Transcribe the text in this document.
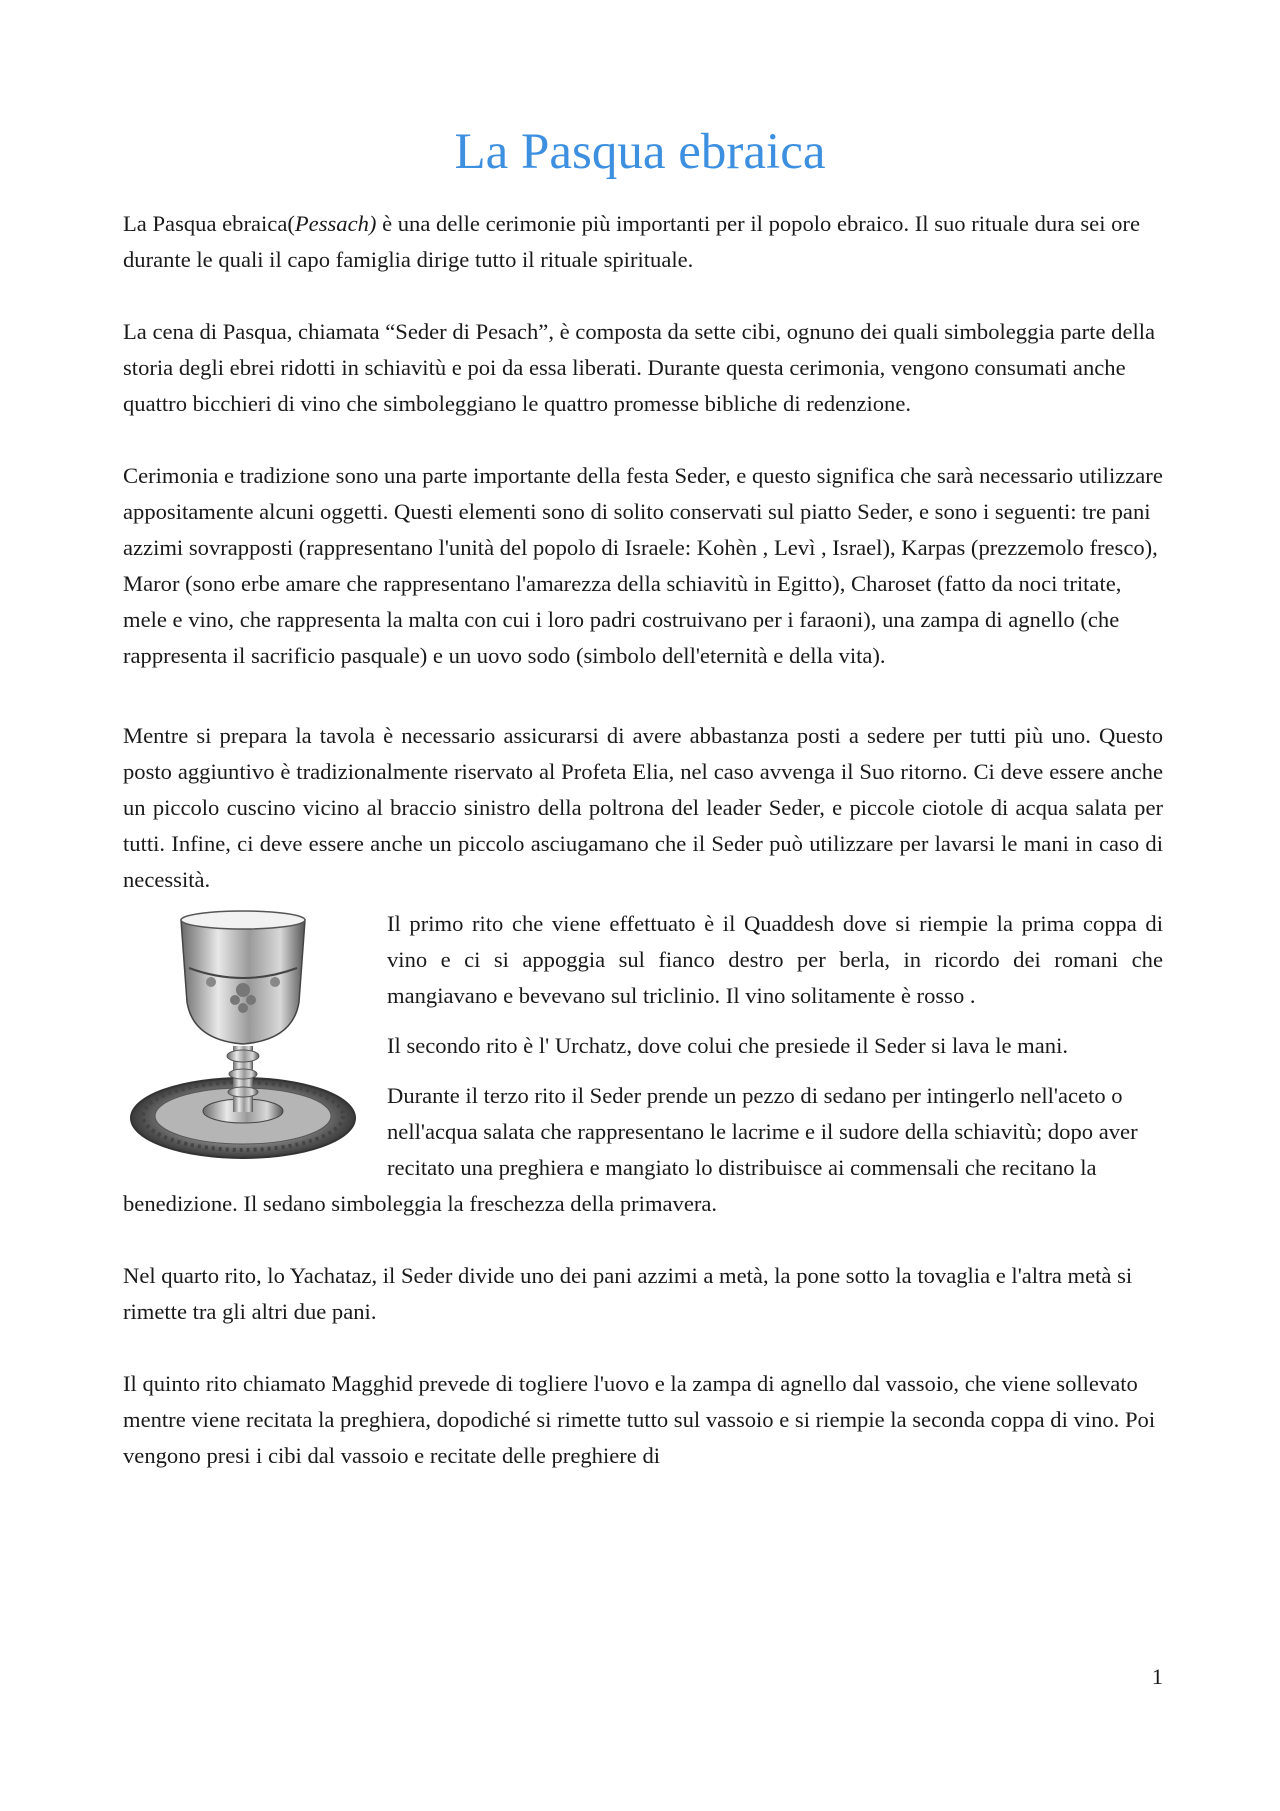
La Pasqua ebraica

La Pasqua ebraica(Pessach) è una delle cerimonie più importanti per il popolo ebraico. Il suo rituale dura sei ore durante le quali il capo famiglia dirige tutto il rituale spirituale.

La cena di Pasqua, chiamata “Seder di Pesach”, è composta da sette cibi, ognuno dei quali simboleggia parte della storia degli ebrei ridotti in schiavitù e poi da essa liberati. Durante questa cerimonia, vengono consumati anche quattro bicchieri di vino che simboleggiano le quattro promesse bibliche di redenzione.

Cerimonia e tradizione sono una parte importante della festa Seder, e questo significa che sarà necessario utilizzare appositamente alcuni oggetti. Questi elementi sono di solito conservati sul piatto Seder, e sono i seguenti: tre pani azzimi sovrapposti (rappresentano l'unità del popolo di Israele: Kohèn , Levì , Israel), Karpas (prezzemolo fresco), Maror (sono erbe amare che rappresentano l'amarezza della schiavitù in Egitto), Charoset (fatto da noci tritate, mele e vino, che rappresenta la malta con cui i loro padri costruivano per i faraoni), una zampa di agnello (che rappresenta il sacrificio pasquale) e un uovo sodo (simbolo dell'eternità e della vita).

Mentre si prepara la tavola è necessario assicurarsi di avere abbastanza posti a sedere per tutti più uno. Questo posto aggiuntivo è tradizionalmente riservato al Profeta Elia, nel caso avvenga il Suo ritorno. Ci deve essere anche un piccolo cuscino vicino al braccio sinistro della poltrona del leader Seder, e piccole ciotole di acqua salata per tutti. Infine, ci deve essere anche un piccolo asciugamano che il Seder può utilizzare per lavarsi le mani in caso di necessità.

Il primo rito che viene effettuato è il Quaddesh dove si riempie la prima coppa di vino e ci si appoggia sul fianco destro per berla, in ricordo dei romani che mangiavano e bevevano sul triclinio. Il vino solitamente è rosso .

Il secondo rito è l' Urchatz, dove colui che presiede il Seder si lava le mani.

Durante il terzo rito il Seder prende un pezzo di sedano per intingerlo nell'aceto o nell'acqua salata che rappresentano le lacrime e il sudore della schiavitù; dopo aver recitato una preghiera e mangiato lo distribuisce ai commensali che recitano la benedizione. Il sedano simboleggia la freschezza della primavera.

Nel quarto rito, lo Yachataz, il Seder divide uno dei pani azzimi a metà, la pone sotto la tovaglia e l'altra metà si rimette tra gli altri due pani.

Il quinto rito chiamato Magghid prevede di togliere l'uovo e la zampa di agnello dal vassoio, che viene sollevato mentre viene recitata la preghiera, dopodiché si rimette tutto sul vassoio e si riempie la seconda coppa di vino. Poi vengono presi i cibi dal vassoio e recitate delle preghiere di

1
